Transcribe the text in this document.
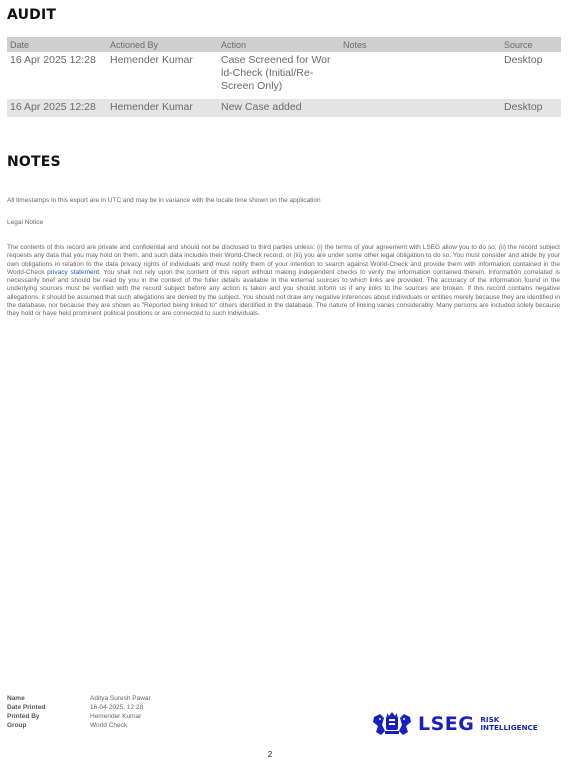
AUDIT
Date	Actioned By	Action	Notes	Source
16 Apr 2025 12:28	Hemender Kumar	Case Screened for Wor ld-Check (Initial/Re-Screen Only)		Desktop

16 Apr 2025 12:28	Hemender Kumar	New Case added		Desktop
NOTES

All timestamps in this export are in UTC and may be in variance with the locale time shown on the application

Legal Notice

The contents of this record are private and confidential and should not be disclosed to third parties unless: (i) the terms of your agreement with LSEG allow you to do so; (ii) the record subject requests any data that you may hold on them, and such data includes their World-Check record; or (iii) you are under some other legal obligation to do so. You must consider and abide by your own obligations in relation to the data privacy rights of individuals and must notify them of your intention to search against World-Check and provide them with information contained in the World-Check privacy statement. You shall not rely upon the content of this report without making independent checks to verify the information contained therein. Information correlated is necessarily brief and should be read by you in the context of the fuller details available in the external sources to which links are provided. The accuracy of the information found in the underlying sources must be verified with the record subject before any action is taken and you should inform us if any links to the sources are broken. If this record contains negative allegations, it should be assumed that such allegations are denied by the subject. You should not draw any negative inferences about individuals or entities merely because they are identified in the database, nor because they are shown as "Reported being linked to" others identified in the database. The nature of linking varies considerably. Many persons are included solely because they hold or have held prominent political positions or are connected to such individuals.

Name	Aditya Suresh Pawar
Date Printed	16-04-2025, 12:28
Printed By	Hemender Kumar
Group	World Check	LSEG RISK
INTELLIGENCE
2
